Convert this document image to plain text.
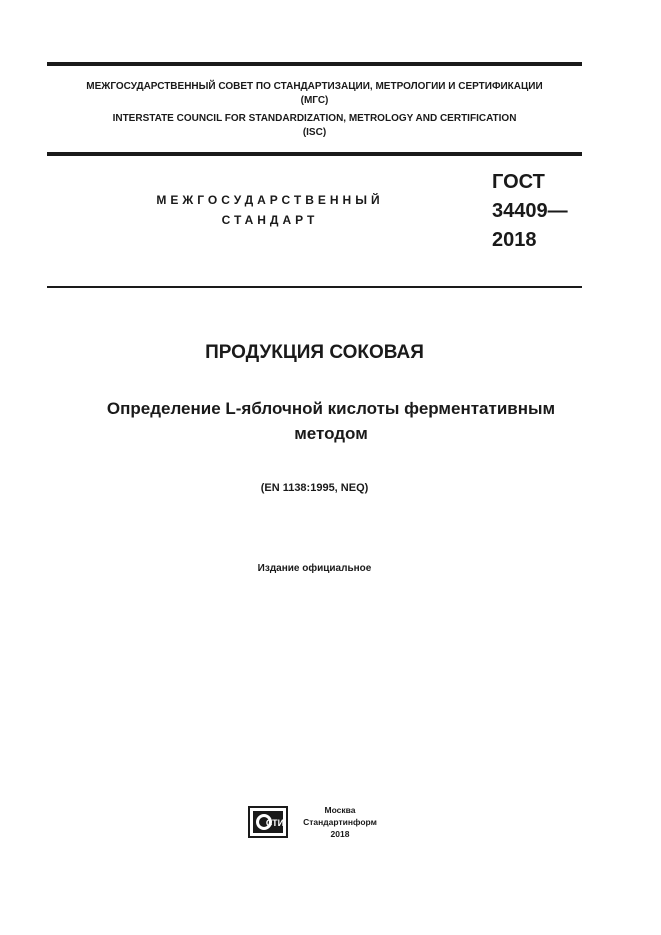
МЕЖГОСУДАРСТВЕННЫЙ СОВЕТ ПО СТАНДАРТИЗАЦИИ, МЕТРОЛОГИИ И СЕРТИФИКАЦИИ
(МГС)
INTERSTATE COUNCIL FOR STANDARDIZATION, METROLOGY AND CERTIFICATION
(ISC)
МЕЖГОСУДАРСТВЕННЫЙ
СТАНДАРТ
ГОСТ
34409—
2018
ПРОДУКЦИЯ СОКОВАЯ
Определение L-яблочной кислоты ферментативным
методом
(EN 1138:1995, NEQ)
Издание официальное
СТИ
Москва
Стандартинформ
2018
